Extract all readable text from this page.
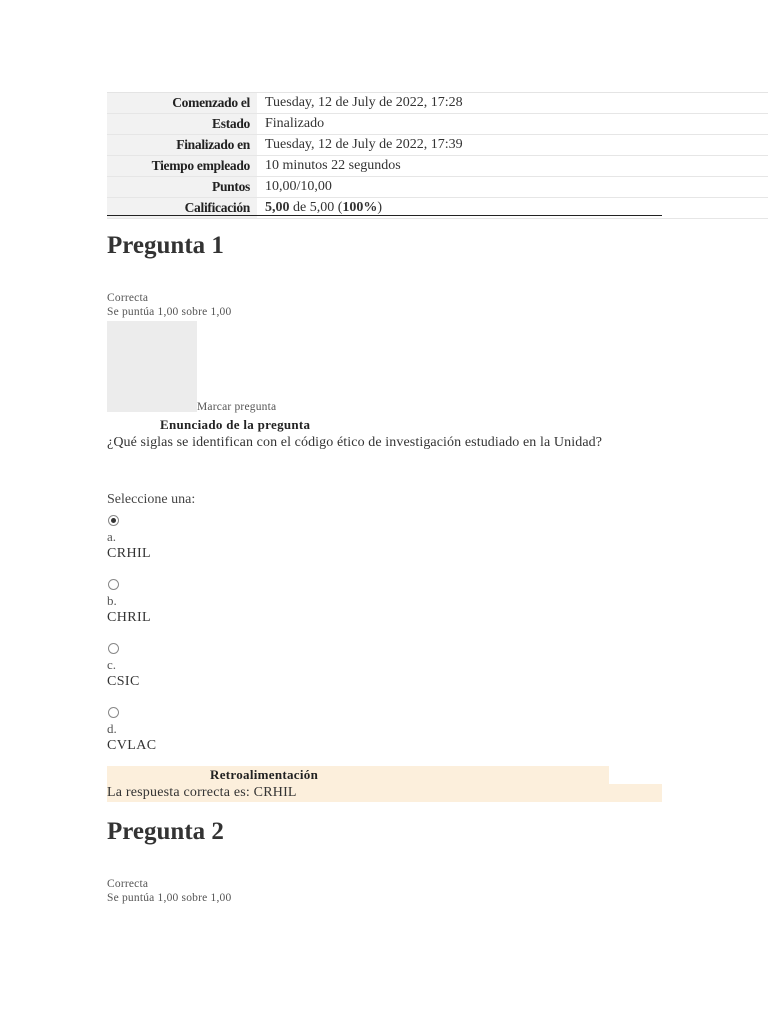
Comenzado el	Tuesday, 12 de July de 2022, 17:28
Estado	Finalizado
Finalizado en	Tuesday, 12 de July de 2022, 17:39
Tiempo empleado	10 minutos 22 segundos
Puntos	10,00/10,00
Calificación	5,00 de 5,00 (100%)
Pregunta 1
Correcta
Se puntúa 1,00 sobre 1,00
Marcar pregunta
Enunciado de la pregunta
¿Qué siglas se identifican con el código ético de investigación estudiado en la Unidad?
Seleccione una:
a.
CRHIL
b.
CHRIL
c.
CSIC
d.
CVLAC
Retroalimentación
La respuesta correcta es: CRHIL
Pregunta 2
Correcta
Se puntúa 1,00 sobre 1,00
